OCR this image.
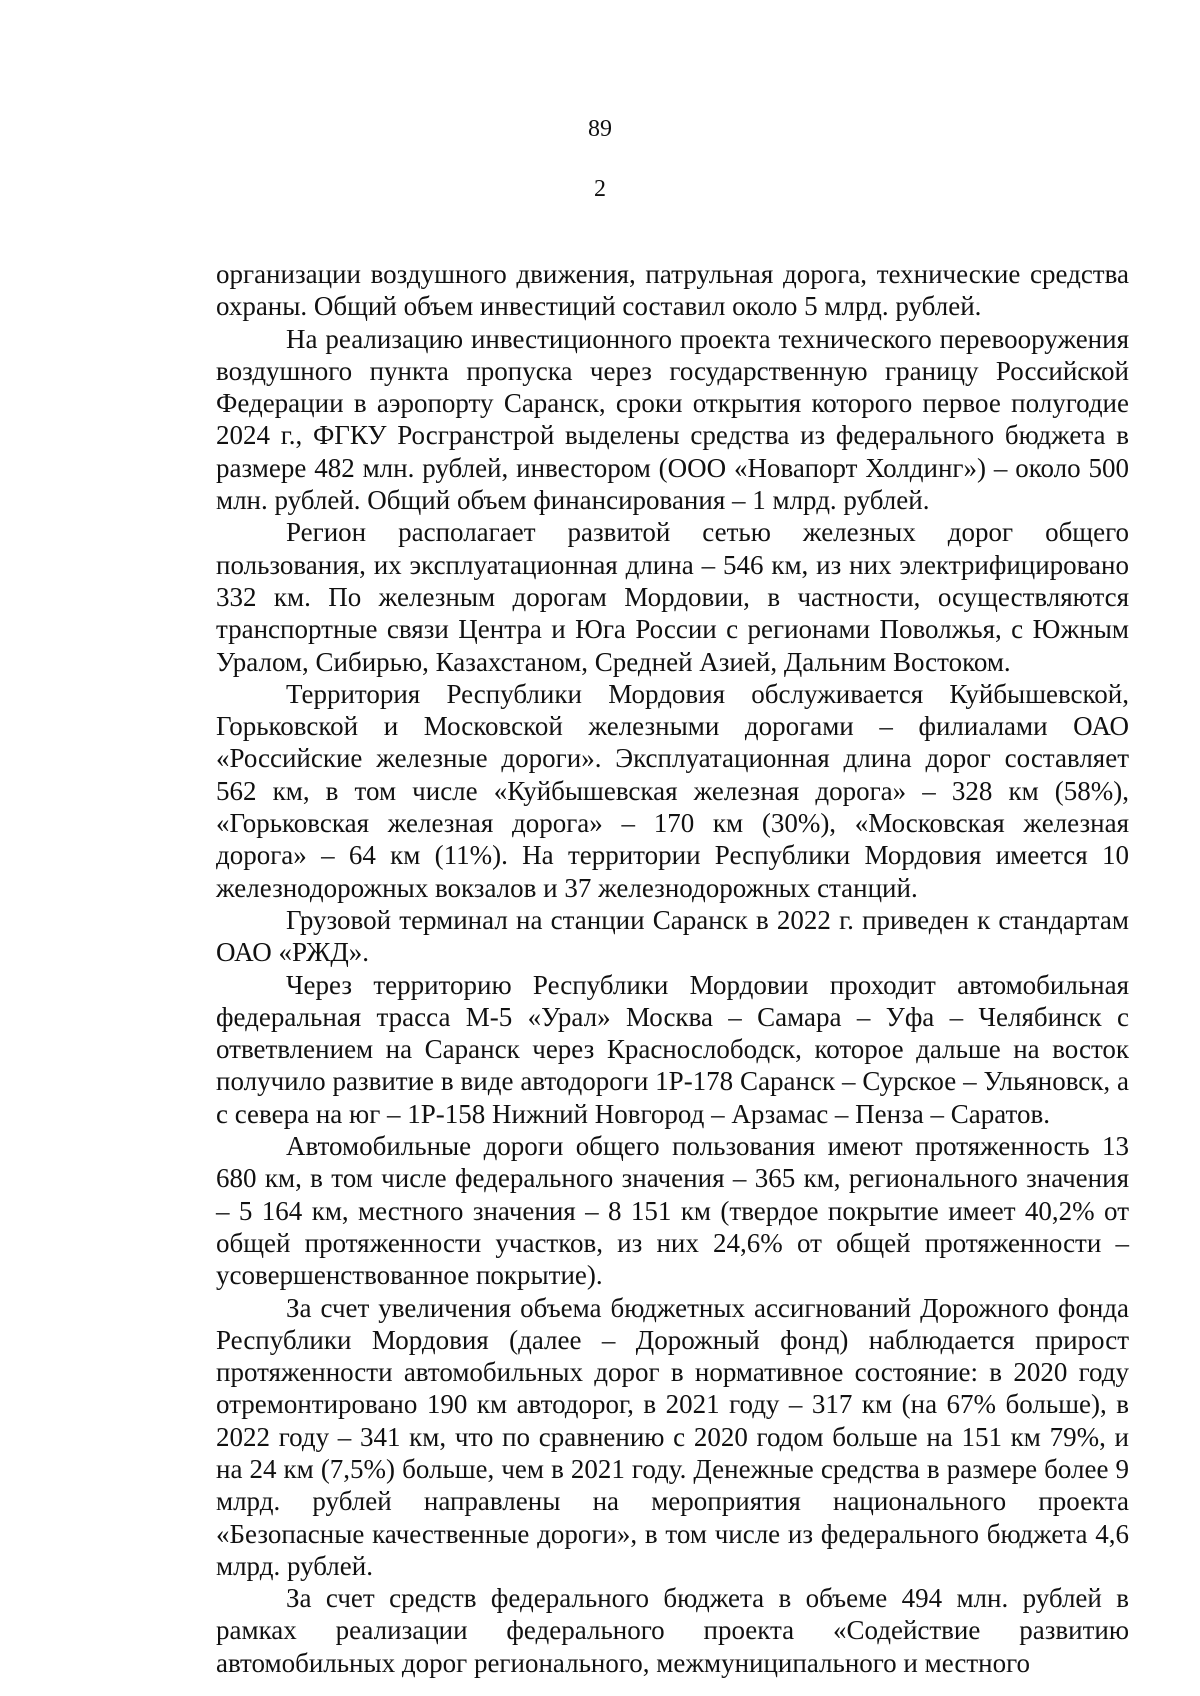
89
2

организации воздушного движения, патрульная дорога, технические средства охраны. Общий объем инвестиций составил около 5 млрд. рублей.

На реализацию инвестиционного проекта технического перевооружения воздушного пункта пропуска через государственную границу Российской Федерации в аэропорту Саранск, сроки открытия которого первое полугодие 2024 г., ФГКУ Росгранстрой выделены средства из федерального бюджета в размере 482 млн. рублей, инвестором (ООО «Новапорт Холдинг») – около 500 млн. рублей. Общий объем финансирования – 1 млрд. рублей.

Регион располагает развитой сетью железных дорог общего пользования, их эксплуатационная длина – 546 км, из них электрифицировано 332 км. По железным дорогам Мордовии, в частности, осуществляются транспортные связи Центра и Юга России с регионами Поволжья, с Южным Уралом, Сибирью, Казахстаном, Средней Азией, Дальним Востоком.

Территория Республики Мордовия обслуживается Куйбышевской, Горьковской и Московской железными дорогами – филиалами ОАО «Российские железные дороги». Эксплуатационная длина дорог составляет 562 км, в том числе «Куйбышевская железная дорога» – 328 км (58%), «Горьковская железная дорога» – 170 км (30%), «Московская железная дорога» – 64 км (11%). На территории Республики Мордовия имеется 10 железнодорожных вокзалов и 37 железнодорожных станций.

Грузовой терминал на станции Саранск в 2022 г. приведен к стандартам ОАО «РЖД».

Через территорию Республики Мордовии проходит автомобильная федеральная трасса М-5 «Урал» Москва – Самара – Уфа – Челябинск с ответвлением на Саранск через Краснослободск, которое дальше на восток получило развитие в виде автодороги 1Р-178 Саранск – Сурское – Ульяновск, а с севера на юг – 1Р-158 Нижний Новгород – Арзамас – Пенза – Саратов.

Автомобильные дороги общего пользования имеют протяженность 13 680 км, в том числе федерального значения – 365 км, регионального значения – 5 164 км, местного значения – 8 151 км (твердое покрытие имеет 40,2% от общей протяженности участков, из них 24,6% от общей протяженности – усовершенствованное покрытие).

За счет увеличения объема бюджетных ассигнований Дорожного фонда Республики Мордовия (далее – Дорожный фонд) наблюдается прирост протяженности автомобильных дорог в нормативное состояние: в 2020 году отремонтировано 190 км автодорог, в 2021 году – 317 км (на 67% больше), в 2022 году – 341 км, что по сравнению с 2020 годом больше на 151 км 79%, и на 24 км (7,5%) больше, чем в 2021 году. Денежные средства в размере более 9 млрд. рублей направлены на мероприятия национального проекта «Безопасные качественные дороги», в том числе из федерального бюджета 4,6 млрд. рублей.

За счет средств федерального бюджета в объеме 494 млн. рублей в рамках реализации федерального проекта «Содействие развитию автомобильных дорог регионального, межмуниципального и местного
